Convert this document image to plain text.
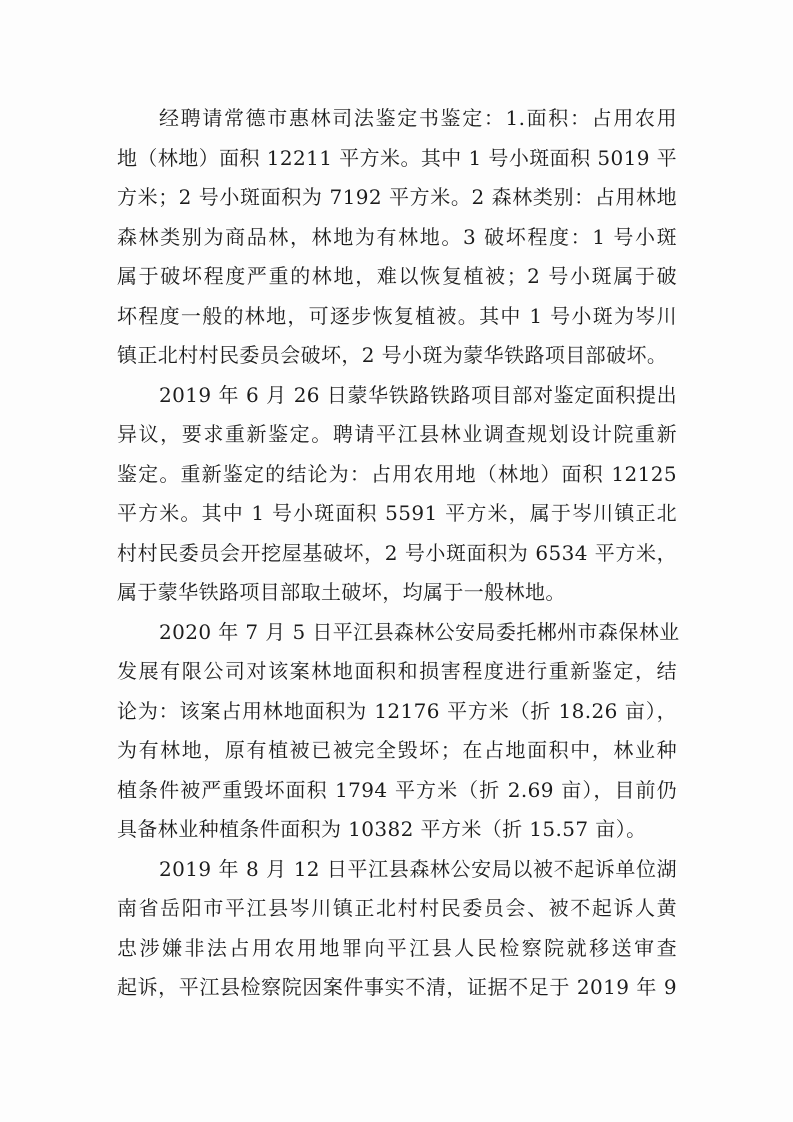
经聘请常德市惠林司法鉴定书鉴定：1.面积：占用农用
地（林地）面积 12211 平方米。其中 1 号小斑面积 5019 平
方米；2 号小斑面积为 7192 平方米。2 森林类别：占用林地
森林类别为商品林，林地为有林地。3 破坏程度：1 号小斑
属于破坏程度严重的林地，难以恢复植被；2 号小斑属于破
坏程度一般的林地，可逐步恢复植被。其中 1 号小斑为岑川
镇正北村村民委员会破坏，2 号小斑为蒙华铁路项目部破坏。
2019 年 6 月 26 日蒙华铁路铁路项目部对鉴定面积提出
异议，要求重新鉴定。聘请平江县林业调查规划设计院重新
鉴定。重新鉴定的结论为：占用农用地（林地）面积 12125
平方米。其中 1 号小斑面积 5591 平方米，属于岑川镇正北
村村民委员会开挖屋基破坏，2 号小斑面积为 6534 平方米，
属于蒙华铁路项目部取土破坏，均属于一般林地。
2020 年 7 月 5 日平江县森林公安局委托郴州市森保林业
发展有限公司对该案林地面积和损害程度进行重新鉴定，结
论为：该案占用林地面积为 12176 平方米（折 18.26 亩），
为有林地，原有植被已被完全毁坏；在占地面积中，林业种
植条件被严重毁坏面积 1794 平方米（折 2.69 亩），目前仍
具备林业种植条件面积为 10382 平方米（折 15.57 亩）。
2019 年 8 月 12 日平江县森林公安局以被不起诉单位湖
南省岳阳市平江县岑川镇正北村村民委员会、被不起诉人黄
忠涉嫌非法占用农用地罪向平江县人民检察院就移送审查
起诉，平江县检察院因案件事实不清，证据不足于 2019 年 9
